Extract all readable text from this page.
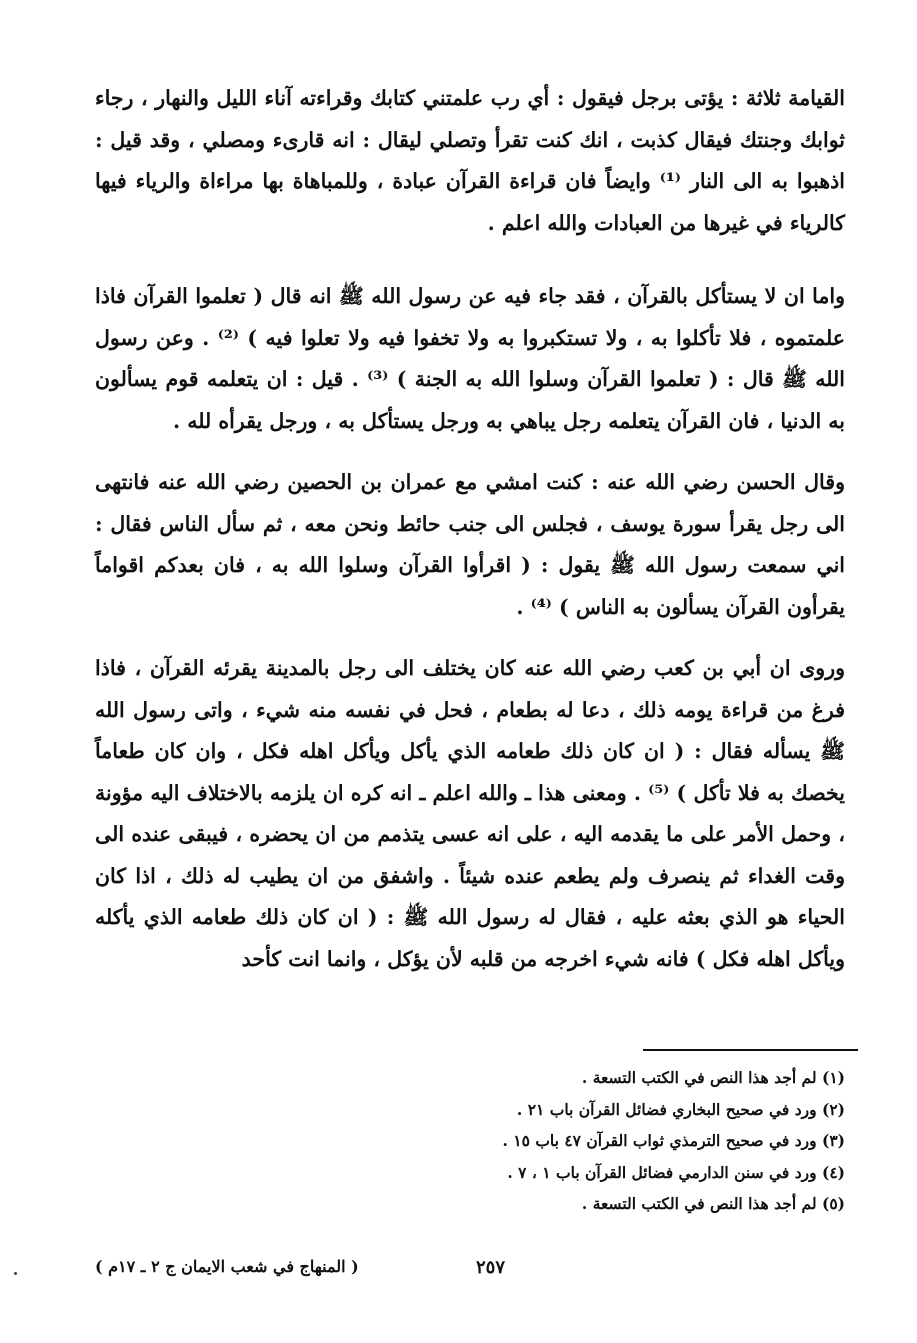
القيامة ثلاثة : يؤتى برجل فيقول : أي رب علمتني كتابك وقراءته آناء الليل والنهار ، رجاء ثوابك وجنتك فيقال كذبت ، انك كنت تقرأ وتصلي ليقال : انه قارىء ومصلي ، وقد قيل : اذهبوا به الى النار ⁽¹⁾ وايضاً فان قراءة القرآن عبادة ، وللمباهاة بها مراءاة والرياء فيها كالرياء في غيرها من العبادات والله اعلم .

واما ان لا يستأكل بالقرآن ، فقد جاء فيه عن رسول الله ﷺ انه قال ( تعلموا القرآن فاذا علمتموه ، فلا تأكلوا به ، ولا تستكبروا به ولا تخفوا فيه ولا تعلوا فيه ) ⁽²⁾ . وعن رسول الله ﷺ قال : ( تعلموا القرآن وسلوا الله به الجنة ) ⁽³⁾ . قيل : ان يتعلمه قوم يسألون به الدنيا ، فان القرآن يتعلمه رجل يباهي به ورجل يستأكل به ، ورجل يقرأه لله .

وقال الحسن رضي الله عنه : كنت امشي مع عمران بن الحصين رضي الله عنه فانتهى الى رجل يقرأ سورة يوسف ، فجلس الى جنب حائط ونحن معه ، ثم سأل الناس فقال : اني سمعت رسول الله ﷺ يقول : ( اقرأوا القرآن وسلوا الله به ، فان بعدكم اقواماً يقرأون القرآن يسألون به الناس ) ⁽⁴⁾ .

وروى ان أبي بن كعب رضي الله عنه كان يختلف الى رجل بالمدينة يقرئه القرآن ، فاذا فرغ من قراءة يومه ذلك ، دعا له بطعام ، فحل في نفسه منه شيء ، واتى رسول الله ﷺ يسأله فقال : ( ان كان ذلك طعامه الذي يأكل ويأكل اهله فكل ، وان كان طعاماً يخصك به فلا تأكل ) ⁽⁵⁾ . ومعنى هذا ـ والله اعلم ـ انه كره ان يلزمه بالاختلاف اليه مؤونة ، وحمل الأمر على ما يقدمه اليه ، على انه عسى يتذمم من ان يحضره ، فيبقى عنده الى وقت الغداء ثم ينصرف ولم يطعم عنده شيئاً . واشفق من ان يطيب له ذلك ، اذا كان الحياء هو الذي بعثه عليه ، فقال له رسول الله ﷺ : ( ان كان ذلك طعامه الذي يأكله ويأكل اهله فكل ) فانه شيء اخرجه من قلبه لأن يؤكل ، وانما انت كأحد

(١) لم أجد هذا النص في الكتب التسعة .

(٢) ورد في صحيح البخاري فضائل القرآن باب ٢١ .

(٣) ورد في صحيح الترمذي ثواب القرآن ٤٧ باب ١٥ .

(٤) ورد في سنن الدارمي فضائل القرآن باب ١ ، ٧ .

(٥) لم أجد هذا النص في الكتب التسعة .

٢٥٧
( المنهاج في شعب الايمان ج ٢ ـ ١٧م )
